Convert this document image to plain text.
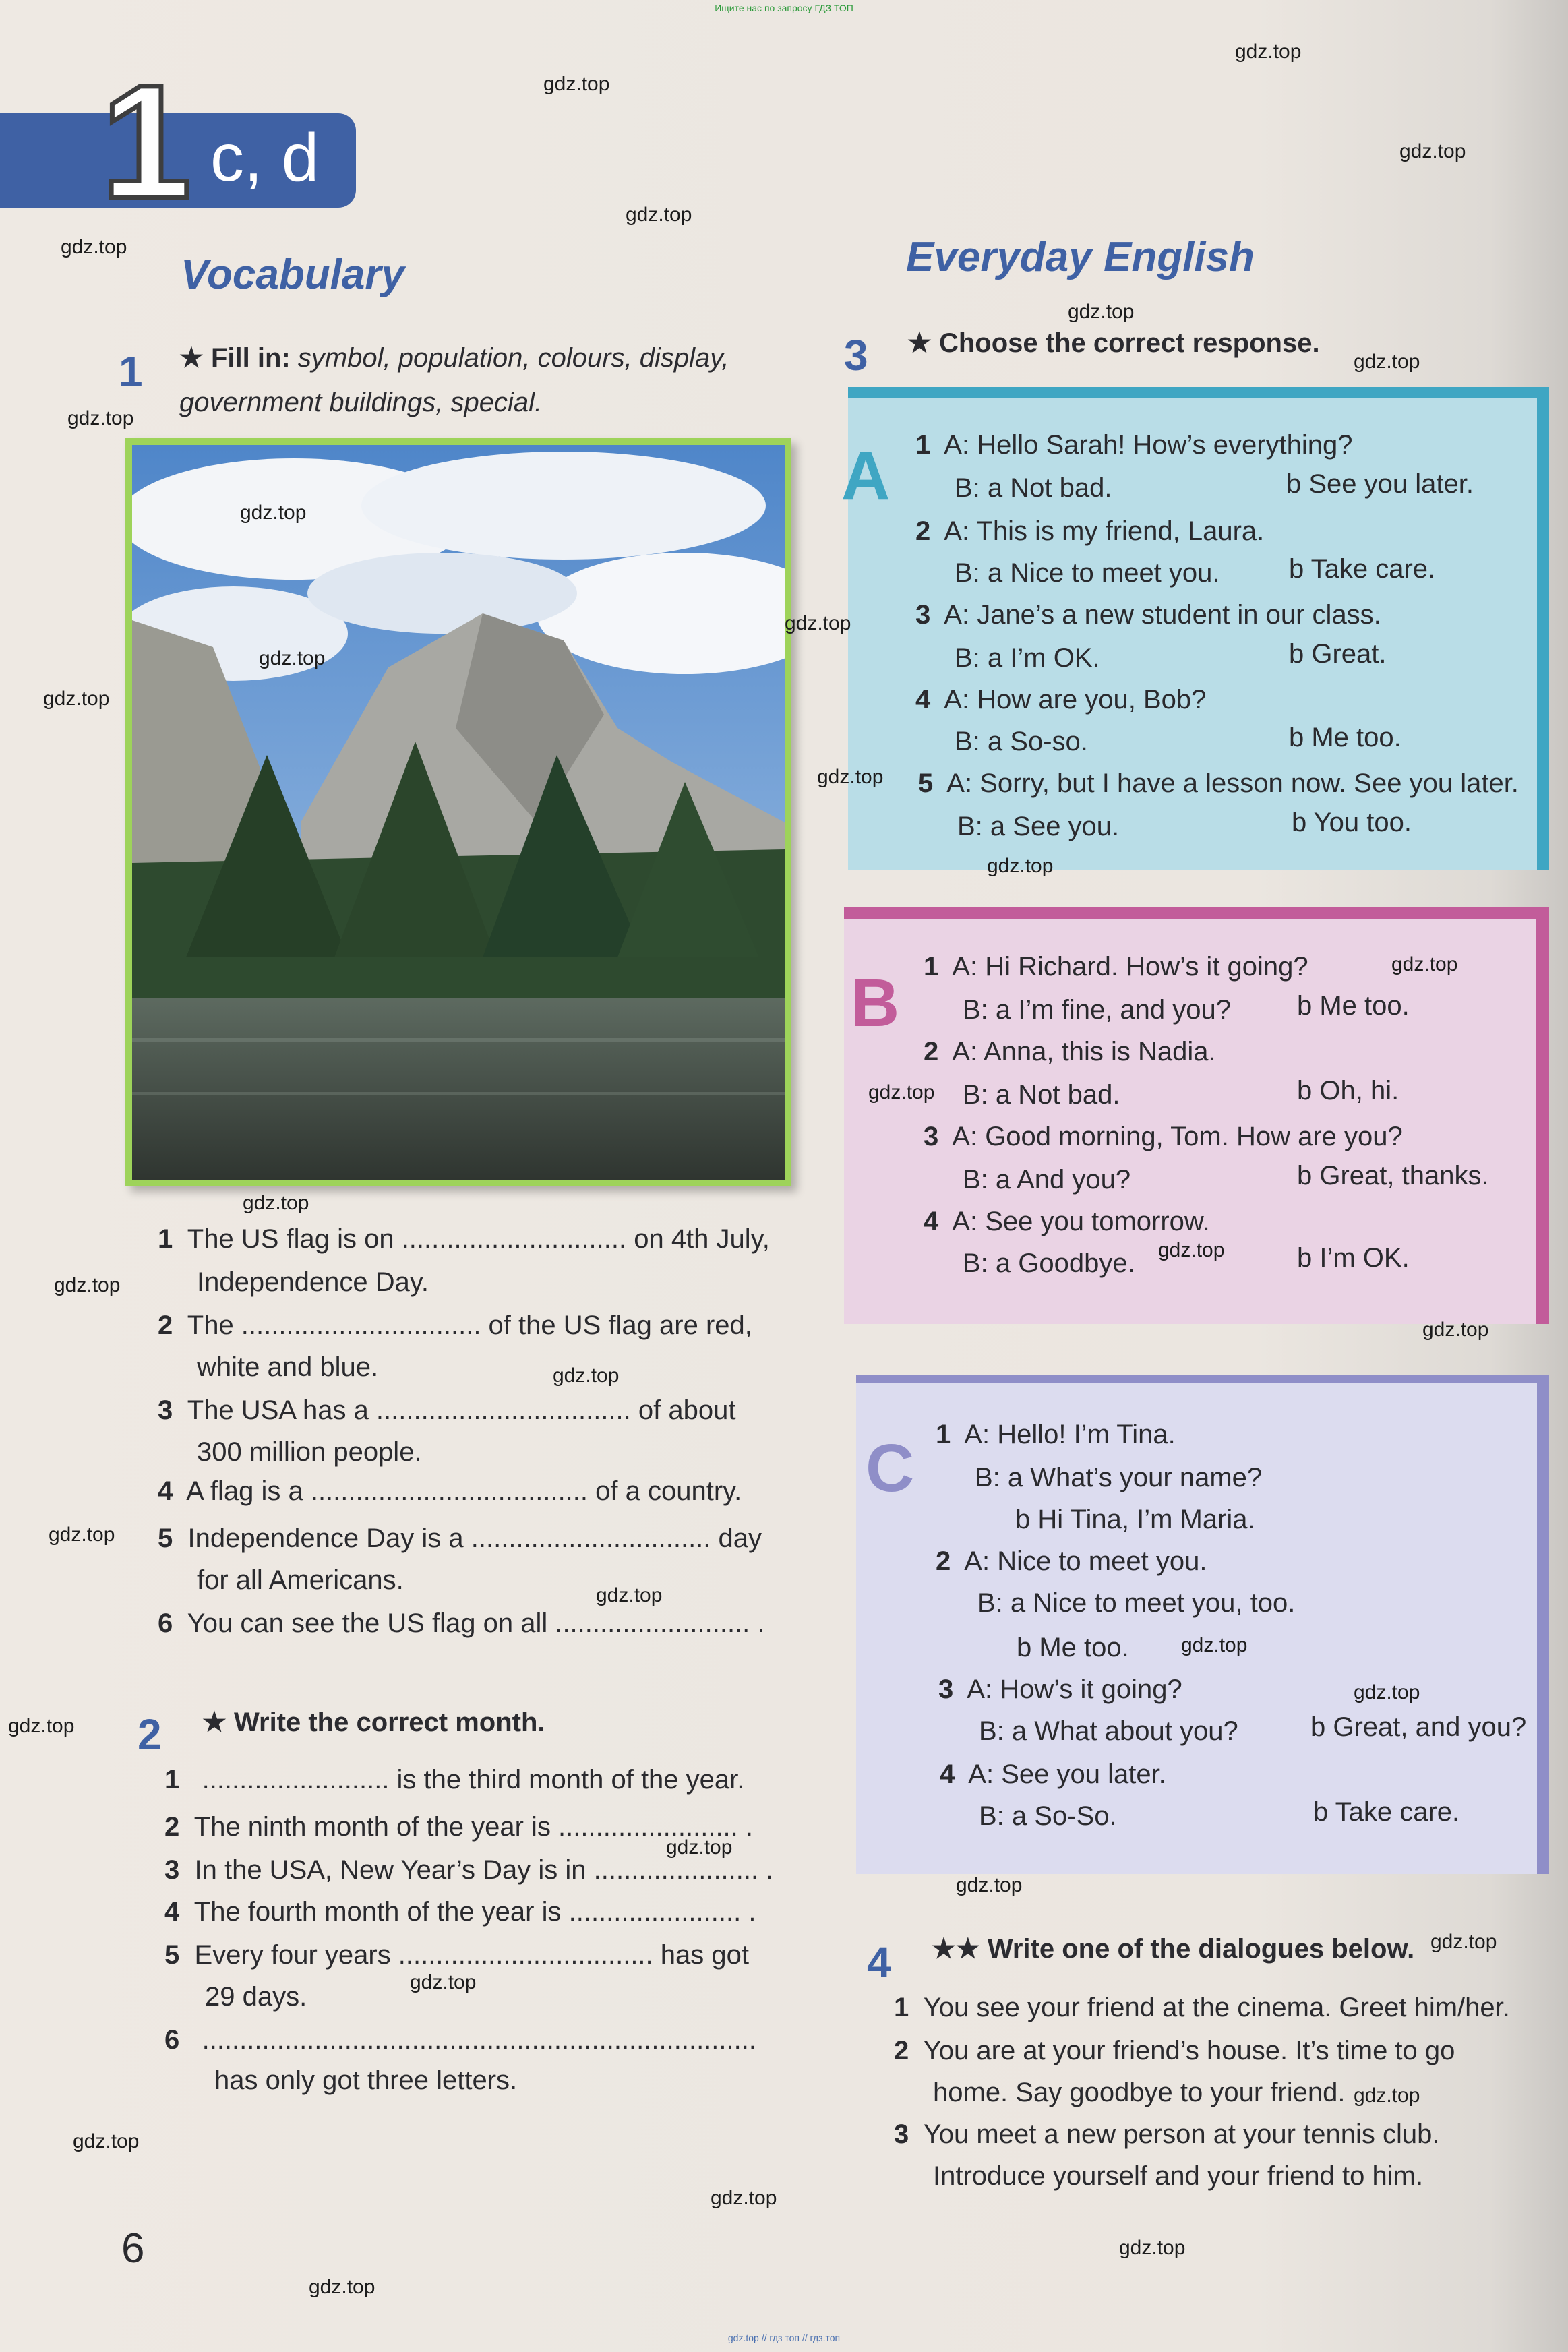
Ищите нас по запросу ГДЗ ТОП
gdz.top // гдз топ // гдз.топ
1 c, d
Vocabulary
1 ★ Fill in: symbol, population, colours, display,
government buildings, special.
1 The US flag is on .............................. on 4th July,
Independence Day.
2 The ................................ of the US flag are red,
white and blue.
3 The USA has a .................................. of about
300 million people.
4 A flag is a ..................................... of a country.
5 Independence Day is a ................................ day
for all Americans.
6 You can see the US flag on all .......................... .
2 ★ Write the correct month.
1 ......................... is the third month of the year.
2 The ninth month of the year is ........................ .
3 In the USA, New Year’s Day is in ...................... .
4 The fourth month of the year is ....................... .
5 Every four years .................................. has got
29 days.
6 ..........................................................................
has only got three letters.
Everyday English
3 ★ Choose the correct response.
A 1 A: Hello Sarah! How’s everything?
B: a Not bad.	b See you later.
2 A: This is my friend, Laura.
B: a Nice to meet you.	b Take care.
3 A: Jane’s a new student in our class.
B: a I’m OK.	b Great.
4 A: How are you, Bob?
B: a So-so.	b Me too.
5 A: Sorry, but I have a lesson now. See you later.
B: a See you.	b You too.
B 1 A: Hi Richard. How’s it going?
B: a I’m fine, and you? b Me too.
2 A: Anna, this is Nadia.
B: a Not bad.	b Oh, hi.
3 A: Good morning, Tom. How are you?
B: a And you?	b Great, thanks.
4 A: See you tomorrow.
B: a Goodbye.	b I’m OK.
C 1 A: Hello! I’m Tina.
B: a What’s your name?
b Hi Tina, I’m Maria.
2 A: Nice to meet you.
B: a Nice to meet you, too.
b Me too.
3 A: How’s it going?
B: a What about you?	b Great, and you?
4 A: See you later.
B: a So-So.	b Take care.
4 ★★ Write one of the dialogues below.
1 You see your friend at the cinema. Greet him/her.
2 You are at your friend’s house. It’s time to go
home. Say goodbye to your friend.
3 You meet a new person at your tennis club.
Introduce yourself and your friend to him.
6
gdz.top
gdz.top
gdz.top
gdz.top
gdz.top
gdz.top
gdz.top
gdz.top
gdz.top
gdz.top
gdz.top
gdz.top
gdz.top
gdz.top
gdz.top
gdz.top
gdz.top
gdz.top
gdz.top
gdz.top
gdz.top
gdz.top
gdz.top
gdz.top
gdz.top
gdz.top
gdz.top
gdz.top
gdz.top
gdz.top
gdz.top
gdz.top
gdz.top
gdz.top
gdz.top
